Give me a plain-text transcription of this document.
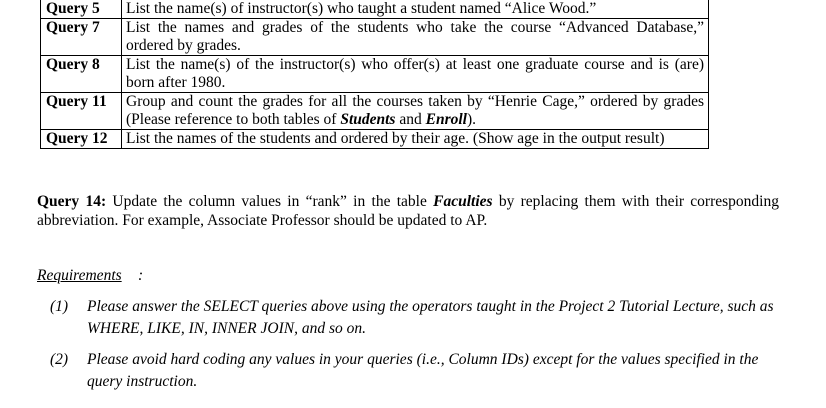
Query 5	List the name(s) of instructor(s) who taught a student named “Alice Wood.”
Query 7	List the names and grades of the students who take the course “Advanced Database,” ordered by grades.
Query 8	List the name(s) of the instructor(s) who offer(s) at least one graduate course and is (are) born after 1980.
Query 11	Group and count the grades for all the courses taken by “Henrie Cage,” ordered by grades (Please reference to both tables of Students and Enroll).
Query 12	List the names of the students and ordered by their age. (Show age in the output result)
Query 14: Update the column values in “rank” in the table Faculties by replacing them with their corresponding abbreviation. For example, Associate Professor should be updated to AP.
Requirements :
(1) Please answer the SELECT queries above using the operators taught in the Project 2 Tutorial Lecture, such as WHERE, LIKE, IN, INNER JOIN, and so on.
(2) Please avoid hard coding any values in your queries (i.e., Column IDs) except for the values specified in the query instruction.
